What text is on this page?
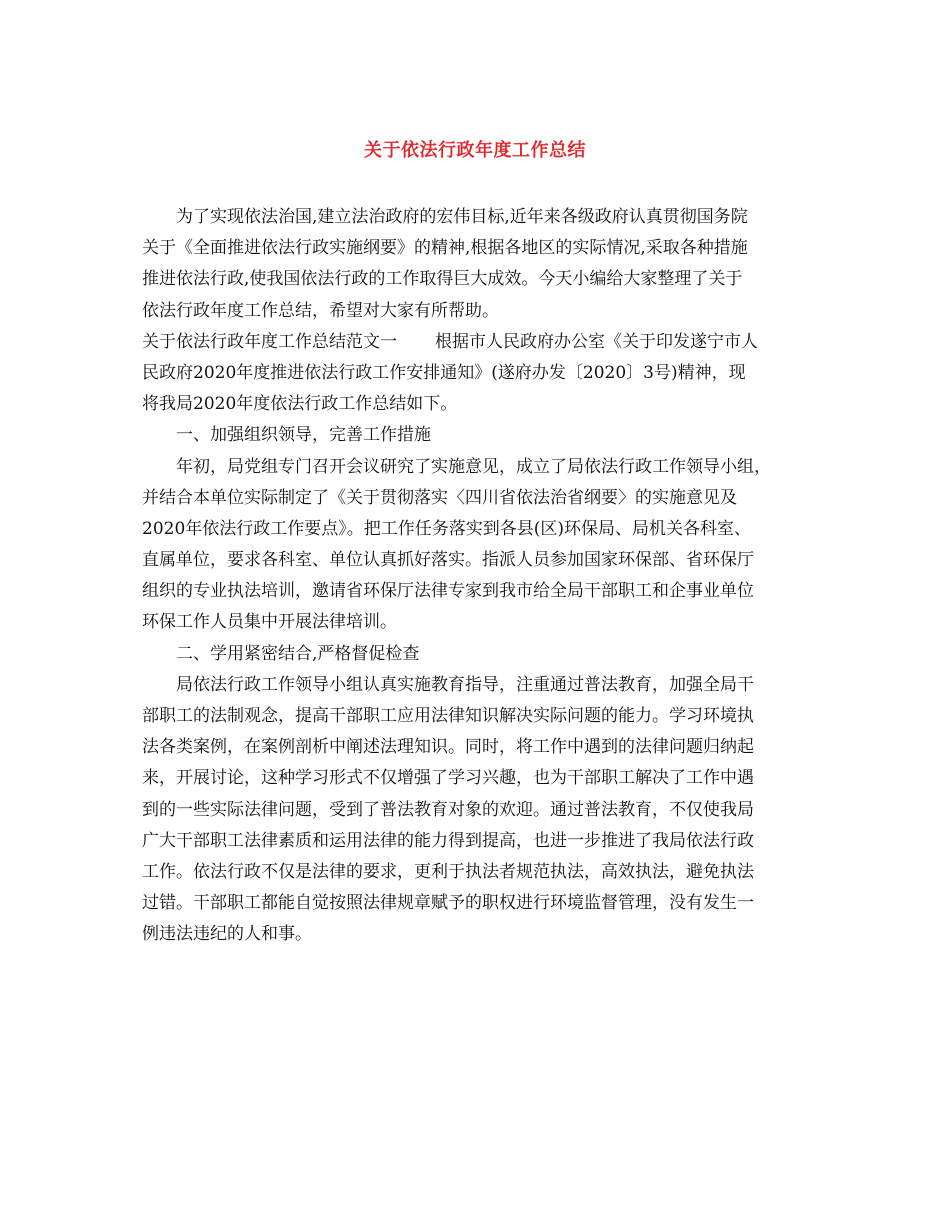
关于依法行政年度工作总结
为了实现依法治国,建立法治政府的宏伟目标,近年来各级政府认真贯彻国务院
关于《全面推进依法行政实施纲要》的精神,根据各地区的实际情况,采取各种措施
推进依法行政,使我国依法行政的工作取得巨大成效。今天小编给大家整理了关于
依法行政年度工作总结，希望对大家有所帮助。
关于依法行政年度工作总结范文一 根据市人民政府办公室《关于印发遂宁市人
民政府2020年度推进依法行政工作安排通知》(遂府办发〔2020〕3号)精神，现
将我局2020年度依法行政工作总结如下。
一、加强组织领导，完善工作措施
年初，局党组专门召开会议研究了实施意见，成立了局依法行政工作领导小组，
并结合本单位实际制定了《关于贯彻落实〈四川省依法治省纲要〉的实施意见及
2020年依法行政工作要点》。把工作任务落实到各县(区)环保局、局机关各科室、
直属单位，要求各科室、单位认真抓好落实。指派人员参加国家环保部、省环保厅
组织的专业执法培训，邀请省环保厅法律专家到我市给全局干部职工和企事业单位
环保工作人员集中开展法律培训。
二、学用紧密结合,严格督促检查
局依法行政工作领导小组认真实施教育指导，注重通过普法教育，加强全局干
部职工的法制观念，提高干部职工应用法律知识解决实际问题的能力。学习环境执
法各类案例，在案例剖析中阐述法理知识。同时，将工作中遇到的法律问题归纳起
来，开展讨论，这种学习形式不仅增强了学习兴趣，也为干部职工解决了工作中遇
到的一些实际法律问题，受到了普法教育对象的欢迎。通过普法教育，不仅使我局
广大干部职工法律素质和运用法律的能力得到提高，也进一步推进了我局依法行政
工作。依法行政不仅是法律的要求，更利于执法者规范执法，高效执法，避免执法
过错。干部职工都能自觉按照法律规章赋予的职权进行环境监督管理，没有发生一
例违法违纪的人和事。
